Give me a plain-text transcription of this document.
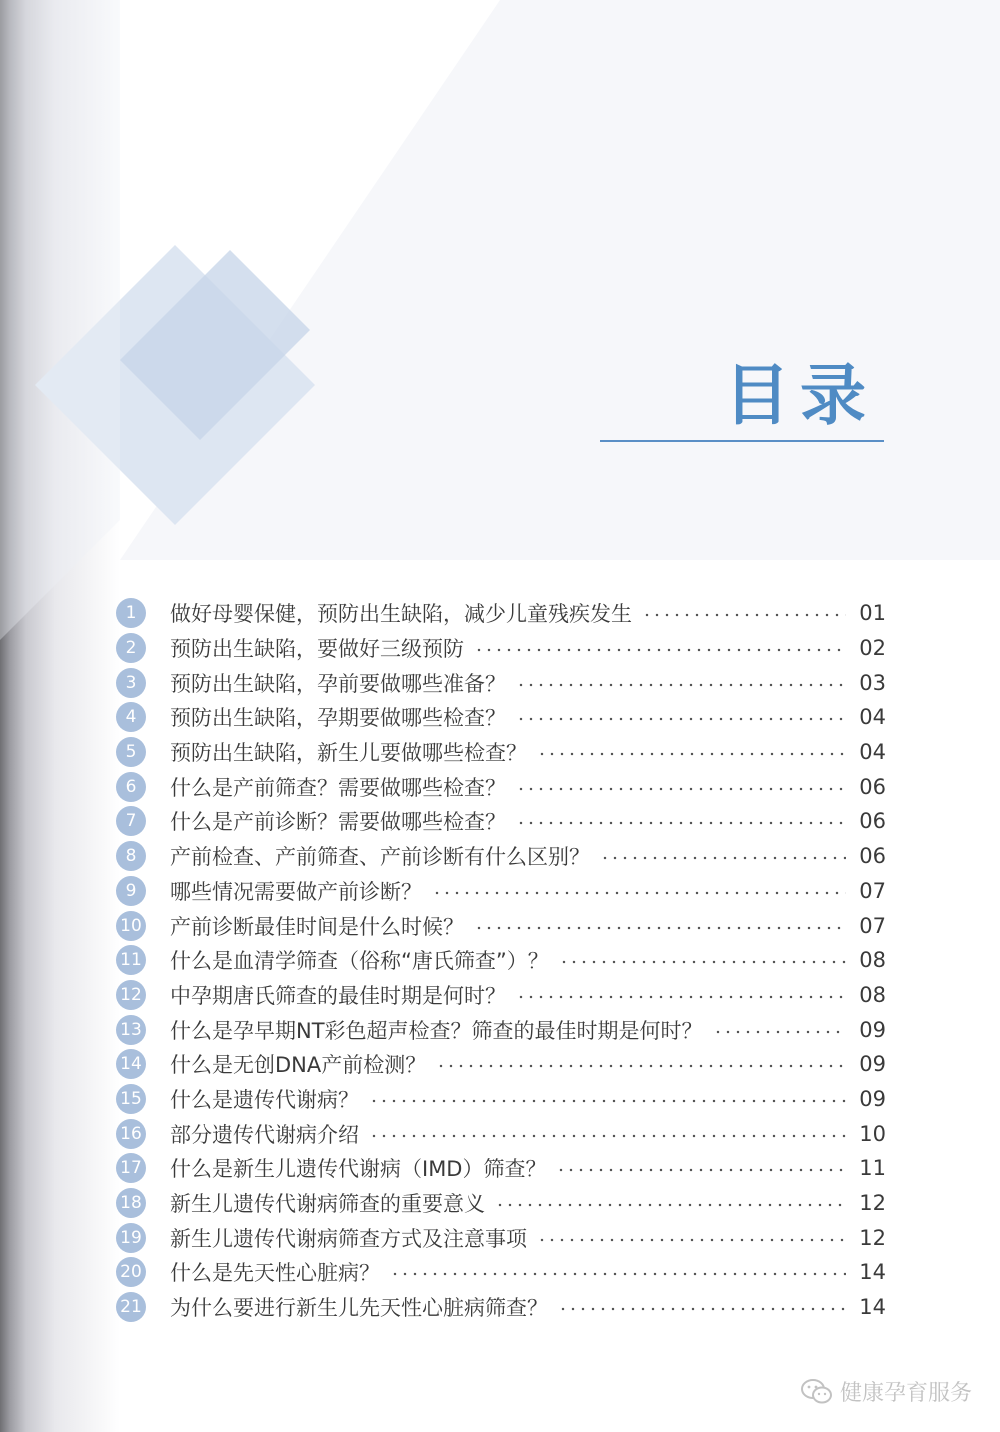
目录
1	做好母婴保健，预防出生缺陷，减少儿童残疾发生	01
2	预防出生缺陷，要做好三级预防	02
3	预防出生缺陷，孕前要做哪些准备？	03
4	预防出生缺陷，孕期要做哪些检查？	04
5	预防出生缺陷，新生儿要做哪些检查？	04
6	什么是产前筛查？需要做哪些检查？	06
7	什么是产前诊断？需要做哪些检查？	06
8	产前检查、产前筛查、产前诊断有什么区别？	06
9	哪些情况需要做产前诊断？	07
10 产前诊断最佳时间是什么时候？	07
11 什么是血清学筛查（俗称“唐氏筛查”）？	08
12 中孕期唐氏筛查的最佳时期是何时？	08
13 什么是孕早期NT彩色超声检查？筛查的最佳时期是何时？	09
14 什么是无创DNA产前检测？	09
15 什么是遗传代谢病？	09
16 部分遗传代谢病介绍	10
17 什么是新生儿遗传代谢病（IMD）筛查？	11
18 新生儿遗传代谢病筛查的重要意义	12
19 新生儿遗传代谢病筛查方式及注意事项	12
20 什么是先天性心脏病？	14
21 为什么要进行新生儿先天性心脏病筛查？	14
健康孕育服务
